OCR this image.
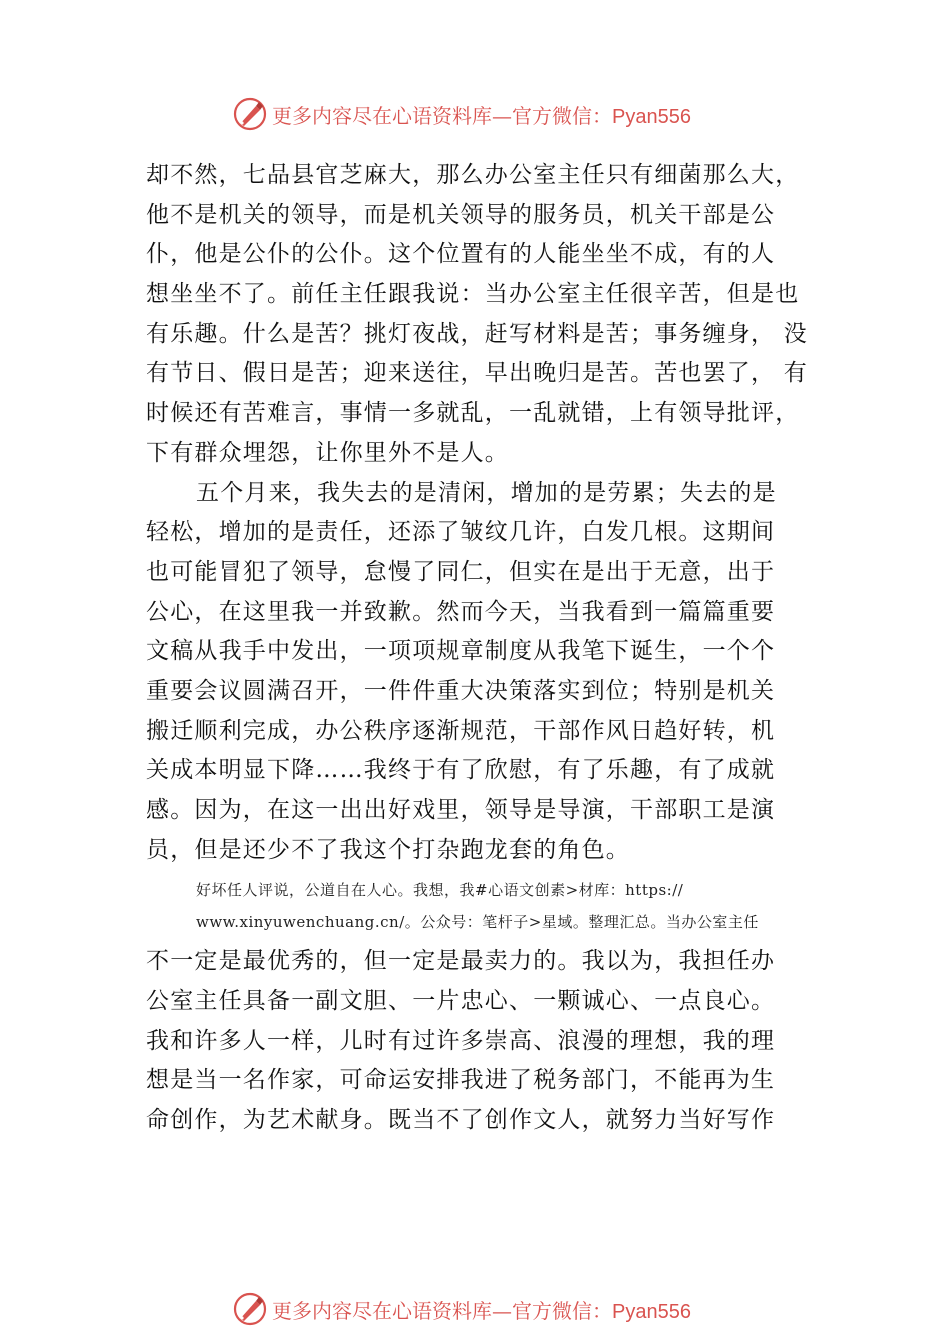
更多内容尽在心语资料库—官方微信：Pyan556
却不然，七品县官芝麻大，那么办公室主任只有细菌那么大，
他不是机关的领导，而是机关领导的服务员，机关干部是公
仆，他是公仆的公仆。这个位置有的人能坐坐不成，有的人
想坐坐不了。前任主任跟我说：当办公室主任很辛苦，但是也
有乐趣。什么是苦？挑灯夜战，赶写材料是苦；事务缠身， 没
有节日、假日是苦；迎来送往，早出晚归是苦。苦也罢了， 有
时候还有苦难言，事情一多就乱，一乱就错，上有领导批评，
下有群众埋怨，让你里外不是人。
五个月来，我失去的是清闲，增加的是劳累；失去的是
轻松，增加的是责任，还添了皱纹几许，白发几根。这期间
也可能冒犯了领导，怠慢了同仁，但实在是出于无意，出于
公心，在这里我一并致歉。然而今天，当我看到一篇篇重要
文稿从我手中发出，一项项规章制度从我笔下诞生，一个个
重要会议圆满召开，一件件重大决策落实到位；特别是机关
搬迁顺利完成，办公秩序逐渐规范，干部作风日趋好转，机
关成本明显下降……我终于有了欣慰，有了乐趣，有了成就
感。因为，在这一出出好戏里，领导是导演，干部职工是演
员，但是还少不了我这个打杂跑龙套的角色。
好坏任人评说，公道自在人心。我想，我#心语文创素>材库：https://
www.xinyuwenchuang.cn/。公众号：笔杆子>星域。整理汇总。当办公室主任
不一定是最优秀的，但一定是最卖力的。我以为，我担任办
公室主任具备一副文胆、一片忠心、一颗诚心、一点良心。
我和许多人一样，儿时有过许多崇高、浪漫的理想，我的理
想是当一名作家，可命运安排我进了税务部门，不能再为生
命创作，为艺术献身。既当不了创作文人，就努力当好写作
更多内容尽在心语资料库—官方微信：Pyan556
